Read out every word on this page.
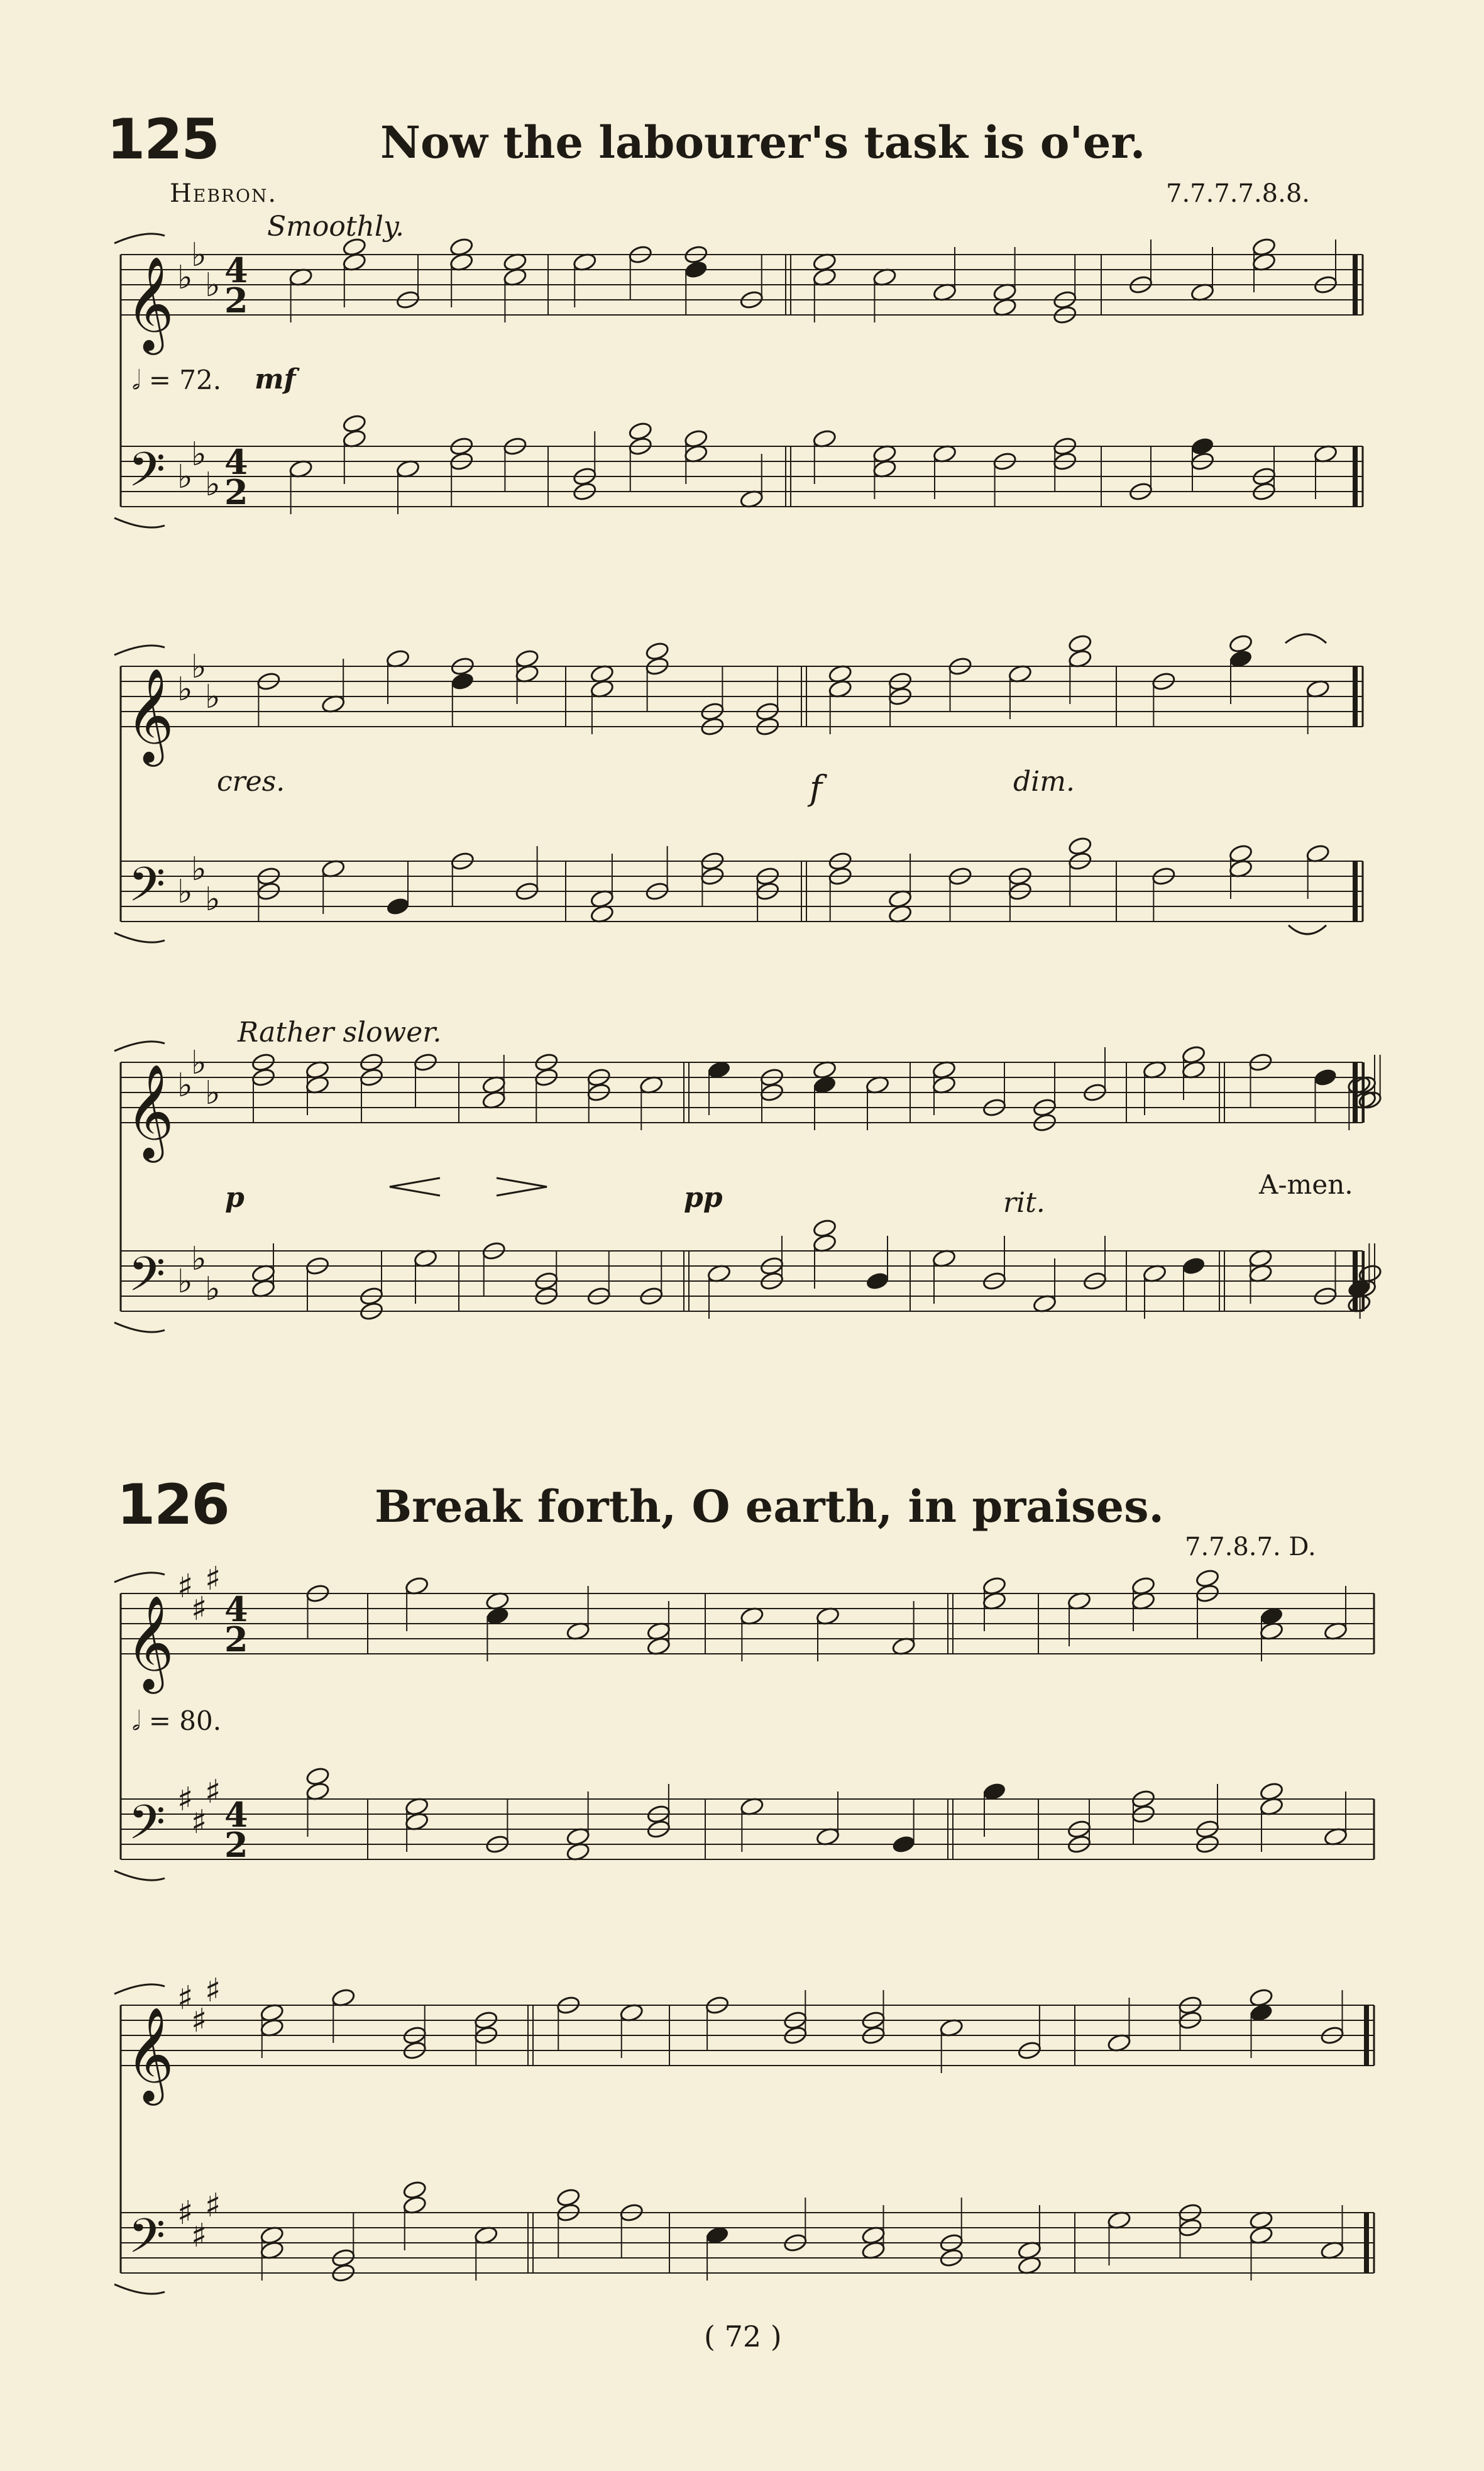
125	Now the labourer's task is o'er.
Hebron.	7.7.7.7.8.8.
Smoothly.
𝅗𝅥 = 72. mf
cres.	f	dim.
Rather slower.
p	pp	rit.
A-men.
126	Break forth, O earth, in praises.
7.7.8.7. D.
𝅗𝅥 = 80.
( 72 )
𝄞
𝄢
♭
♭
♭
♭
♭
♭
4
2
4
2
𝄞
𝄢
♭
♭
♭
♭
♭
♭
𝄞
𝄢
♭
♭
♭
♭
♭
♭
𝄞
𝄢
♯
♯
♯
♯
♯
♯
4
2
4
2
𝄞
𝄢
♯
♯
♯
♯
♯
♯
